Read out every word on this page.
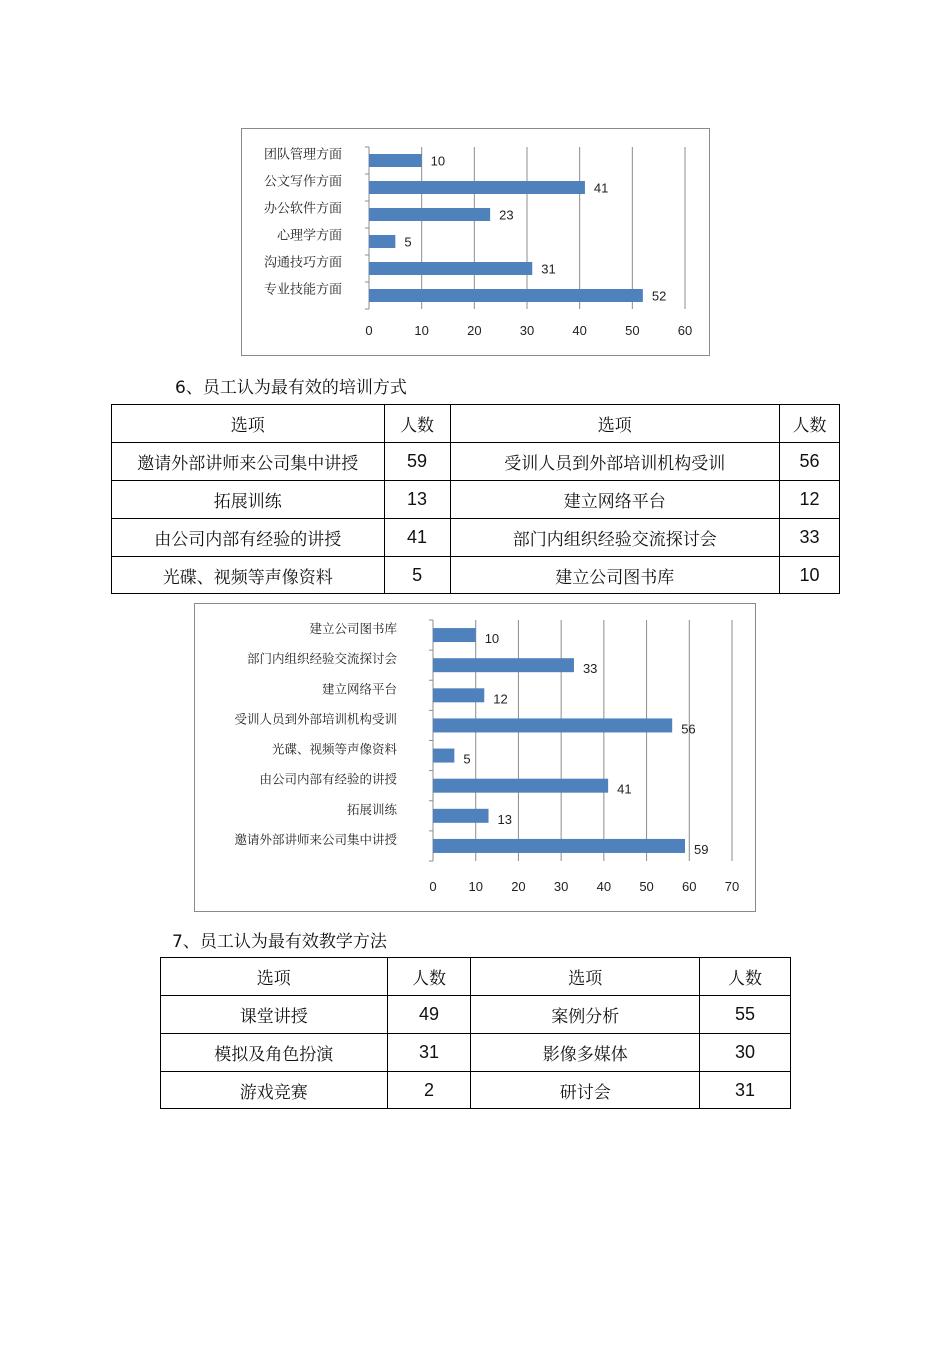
团队管理方面	10
公文写作方面	41
办公软件方面	23
心理学方面	5
沟通技巧方面	31
专业技能方面	52
0	10	20	30	40	50	60
6、员工认为最有效的培训方式
选项	人数	选项	人数
邀请外部讲师来公司集中讲授	59	受训人员到外部培训机构受训	56
拓展训练	13	建立网络平台	12
由公司内部有经验的讲授	41	部门内组织经验交流探讨会	33
光碟、视频等声像资料	5	建立公司图书库	10
建立公司图书库
10
部门内组织经验交流探讨会
33
建立网络平台
12
受训人员到外部培训机构受训
56
光碟、视频等声像资料
5
由公司内部有经验的讲授
41
拓展训练
13
邀请外部讲师来公司集中讲授
59
0 10 20 30 40 50 60 70
7、员工认为最有效教学方法
选项	人数	选项	人数
课堂讲授	49	案例分析	55
模拟及角色扮演	31	影像多媒体	30
游戏竞赛	2	研讨会	31
